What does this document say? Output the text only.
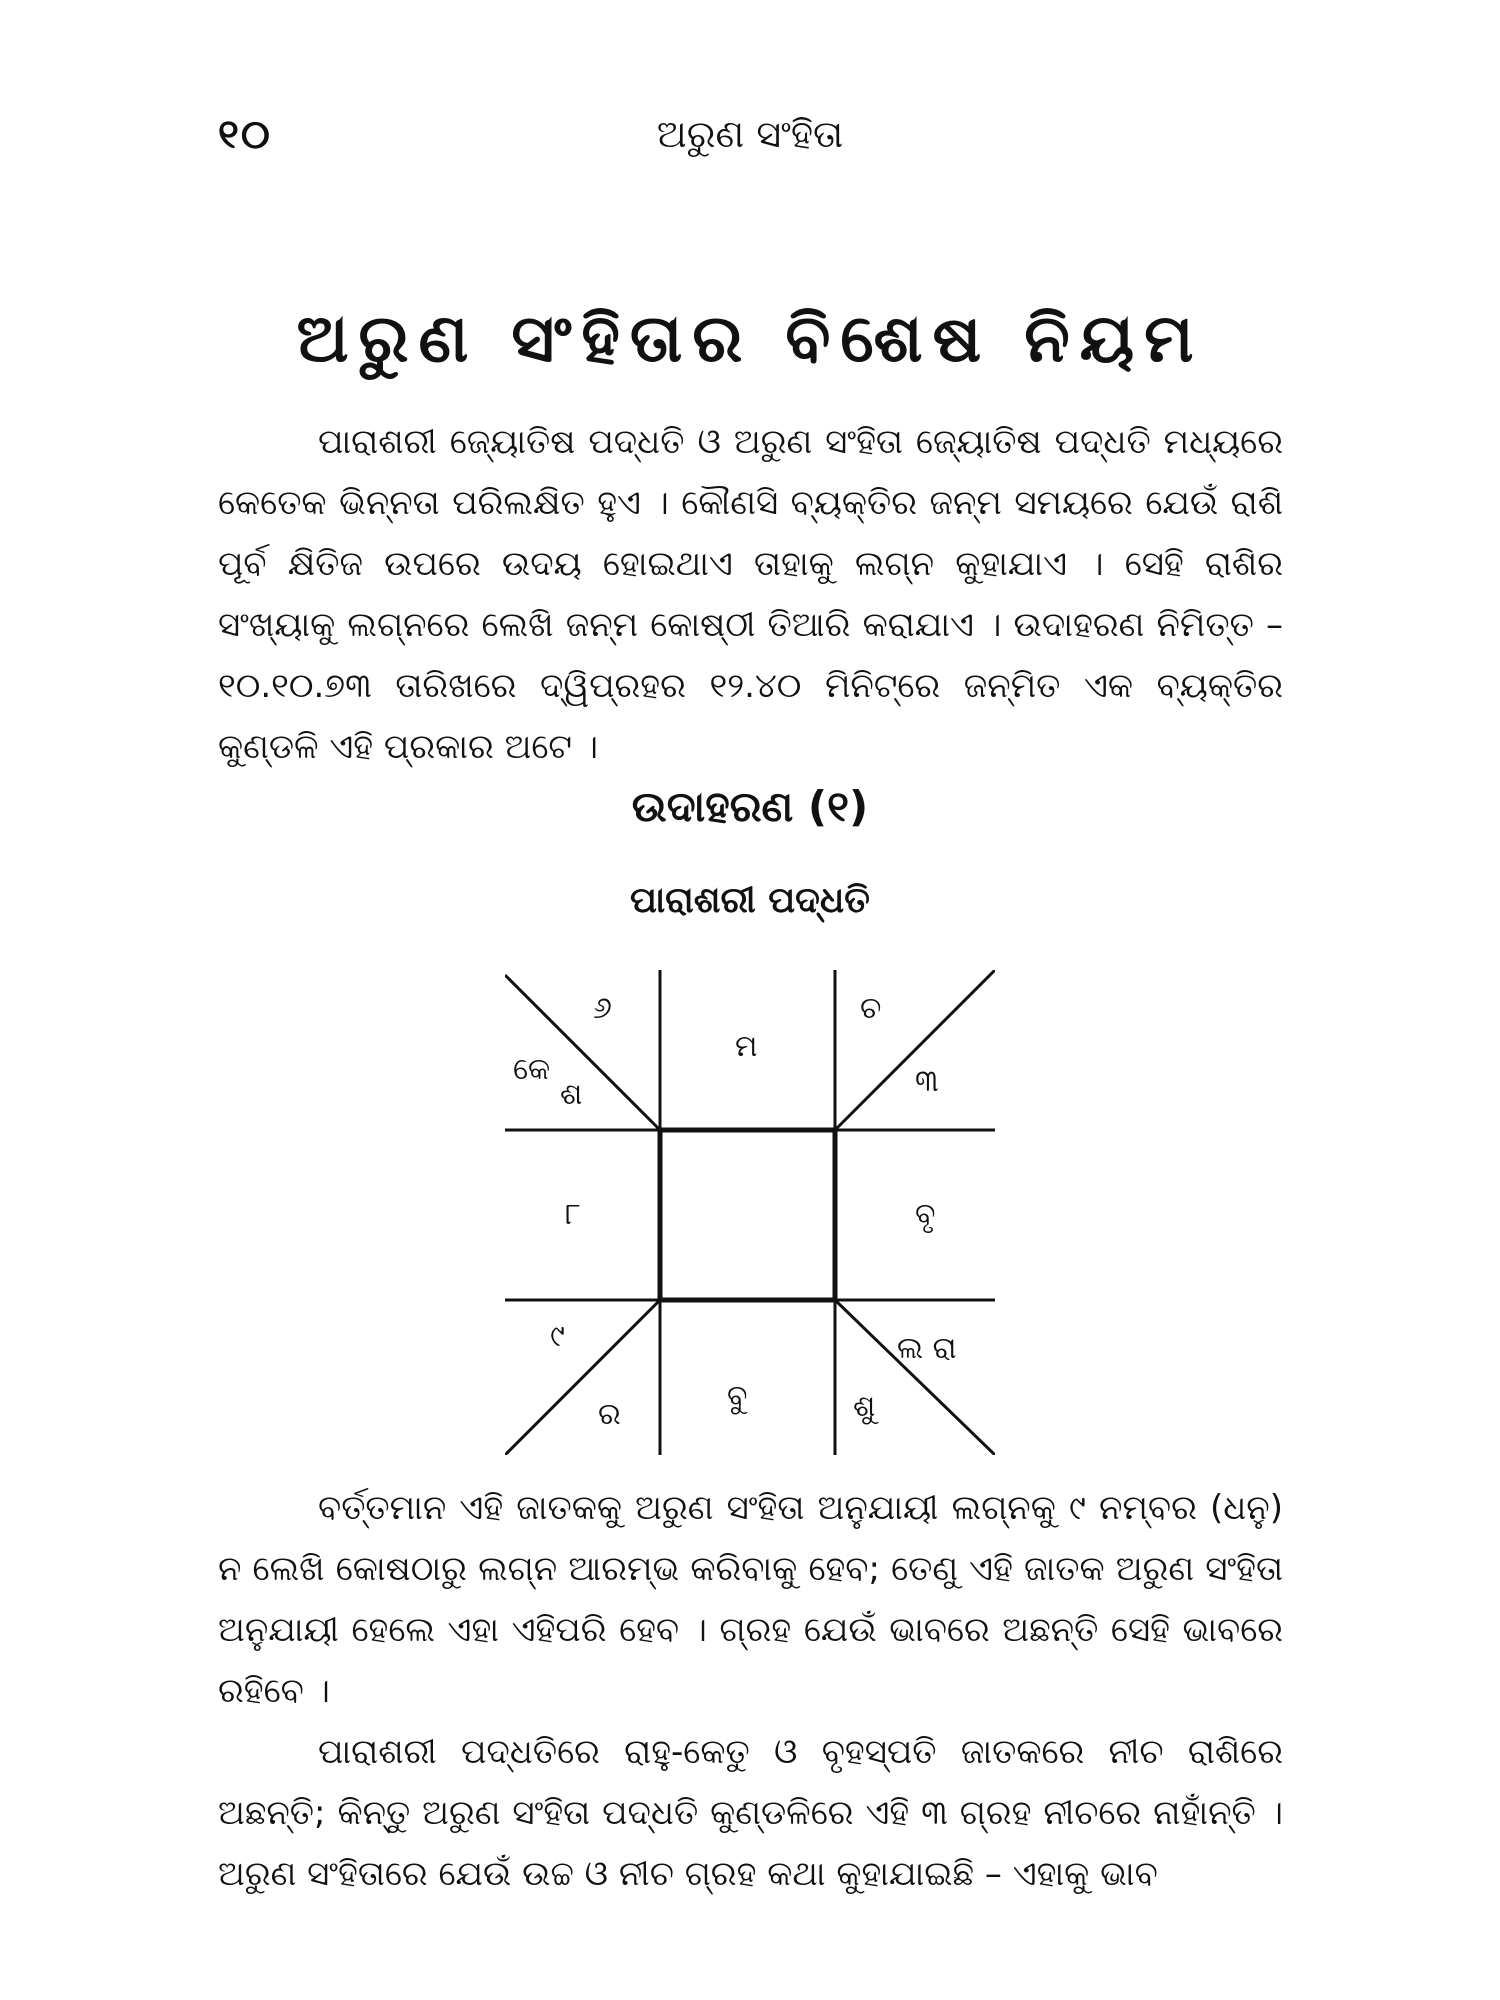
୧୦	ଅରୁଣ ସଂହିତା
ଅରୁଣ ସଂହିତାର ବିଶେଷ ନିୟମ

ପାରାଶରୀ ଜ୍ୟୋତିଷ ପଦ୍ଧତି ଓ ଅରୁଣ ସଂହିତା ଜ୍ୟୋତିଷ ପଦ୍ଧତି ମଧ୍ୟରେ କେତେକ ଭିନ୍ନତା ପରିଲକ୍ଷିତ ହୁଏ । କୌଣସି ବ୍ୟକ୍ତିର ଜନ୍ମ ସମୟରେ ଯେଉଁ ରାଶି ପୂର୍ବ କ୍ଷିତିଜ ଉପରେ ଉଦୟ ହୋଇଥାଏ ତାହାକୁ ଲଗ୍ନ କୁହାଯାଏ । ସେହି ରାଶିର ସଂଖ୍ୟାକୁ ଲଗ୍ନରେ ଲେଖି ଜନ୍ମ କୋଷ୍ଠୀ ତିଆରି କରାଯାଏ । ଉଦାହରଣ ନିମିତ୍ତ – ୧୦.୧୦.୭୩ ତାରିଖରେ ଦ୍ୱିପ୍ରହର ୧୨.୪୦ ମିନିଟ୍‌ରେ ଜନ୍ମିତ ଏକ ବ୍ୟକ୍ତିର କୁଣ୍ଡଳି ଏହି ପ୍ରକାର ଅଟେ ।

ଉଦାହରଣ (୧)
ପାରାଶରୀ ପଦ୍ଧତି
୬
କେ
ଶ
ମ
ଚ
୩
୮	ବୃ
୯
ର
ବୁ
ଲ ରା
ଶୁ

ବର୍ତ୍ତମାନ ଏହି ଜାତକକୁ ଅରୁଣ ସଂହିତା ଅନୁଯାୟୀ ଲଗ୍ନକୁ ୯ ନମ୍ବର (ଧନୁ) ନ ଲେଖି କୋଷଠାରୁ ଲଗ୍ନ ଆରମ୍ଭ କରିବାକୁ ହେବ; ତେଣୁ ଏହି ଜାତକ ଅରୁଣ ସଂହିତା ଅନୁଯାୟୀ ହେଲେ ଏହା ଏହିପରି ହେବ । ଗ୍ରହ ଯେଉଁ ଭାବରେ ଅଛନ୍ତି ସେହି ଭାବରେ ରହିବେ ।

ପାରାଶରୀ ପଦ୍ଧତିରେ ରାହୁ-କେତୁ ଓ ବୃହସ୍ପତି ଜାତକରେ ନୀଚ ରାଶିରେ ଅଛନ୍ତି; କିନ୍ତୁ ଅରୁଣ ସଂହିତା ପଦ୍ଧତି କୁଣ୍ଡଳିରେ ଏହି ୩ ଗ୍ରହ ନୀଚରେ ନାହାଁନ୍ତି । ଅରୁଣ ସଂହିତାରେ ଯେଉଁ ଉଚ୍ଚ ଓ ନୀଚ ଗ୍ରହ କଥା କୁହାଯାଇଛି – ଏହାକୁ ଭାବ
